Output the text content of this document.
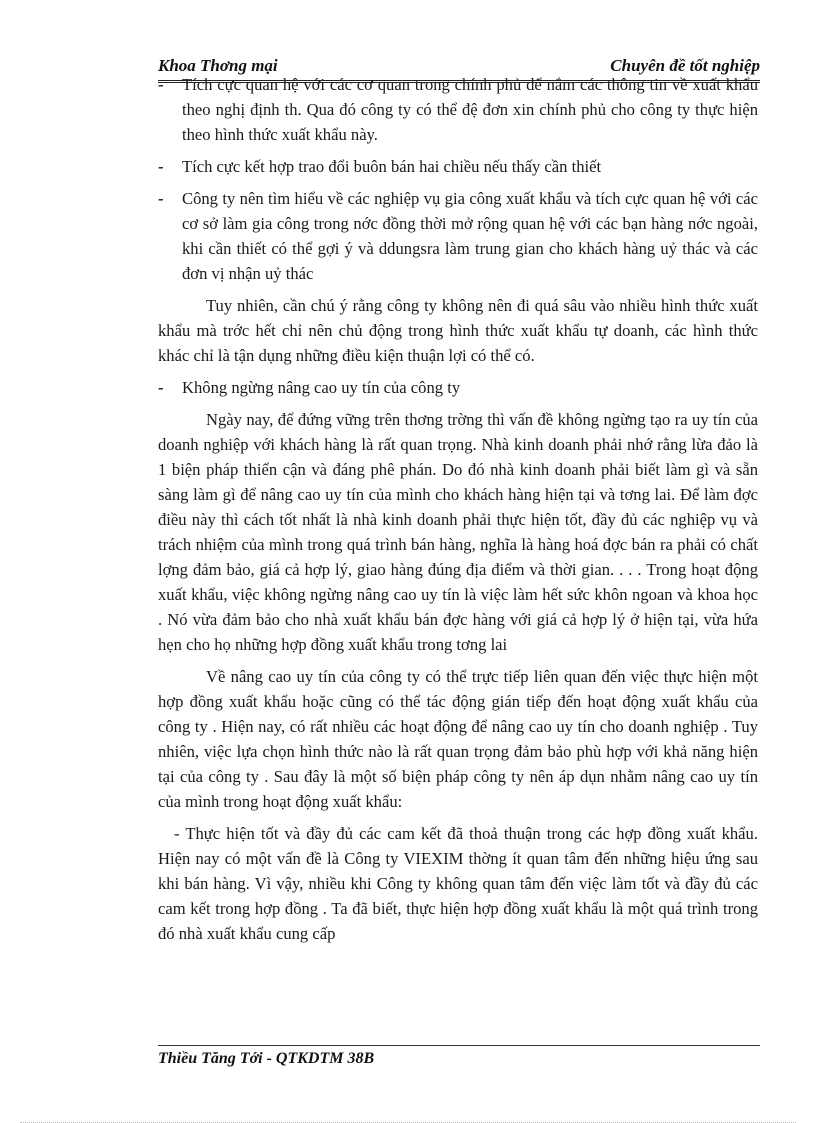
Khoa Thơng mại	Chuyên đề tốt nghiệp

-	Tích cực quan hệ với các cơ quan trong chính phủ để nắm các thông tin về xuất khẩu theo nghị định th. Qua đó công ty có thể đệ đơn xin chính phủ cho công ty thực hiện theo hình thức xuất khẩu này.

-	Tích cực kết hợp trao đổi buôn bán hai chiều nếu thấy cần thiết

-	Công ty nên tìm hiểu về các nghiệp vụ gia công xuất khẩu và tích cực quan hệ với các cơ sở làm gia công trong nớc đồng thời mở rộng quan hệ với các bạn hàng nớc ngoài, khi cần thiết có thể gợi ý và ddungsra làm trung gian cho khách hàng uỷ thác và các đơn vị nhận uỷ thác

Tuy nhiên, cần chú ý rằng công ty không nên đi quá sâu vào nhiều hình thức xuất khẩu mà trớc hết chỉ nên chủ động trong hình thức xuất khẩu tự doanh, các hình thức khác chỉ là tận dụng những điều kiện thuận lợi có thể có.

-	Không ngừng nâng cao uy tín của công ty

Ngày nay, để đứng vững trên thơng trờng thì vấn đề không ngừng tạo ra uy tín của doanh nghiệp với khách hàng là rất quan trọng. Nhà kinh doanh phải nhớ rằng lừa đảo là 1 biện pháp thiển cận và đáng phê phán. Do đó nhà kinh doanh phải biết làm gì và sẵn sàng làm gì để nâng cao uy tín của mình cho khách hàng hiện tại và tơng lai. Để làm đợc điều này thì cách tốt nhất là nhà kinh doanh phải thực hiện tốt, đầy đủ các nghiệp vụ và trách nhiệm của mình trong quá trình bán hàng, nghĩa là hàng hoá đợc bán ra phải có chất lợng đảm bảo, giá cả hợp lý, giao hàng đúng địa điểm và thời gian. . . . Trong hoạt động xuất khẩu, việc không ngừng nâng cao uy tín là việc làm hết sức khôn ngoan và khoa học . Nó vừa đảm bảo cho nhà xuất khẩu bán đợc hàng với giá cả hợp lý ở hiện tại, vừa hứa hẹn cho họ những hợp đồng xuất khẩu trong tơng lai

Về nâng cao uy tín của công ty có thể trực tiếp liên quan đến việc thực hiện một hợp đồng xuất khẩu hoặc cũng có thể tác động gián tiếp đến hoạt động xuất khẩu của công ty . Hiện nay, có rất nhiều các hoạt động để nâng cao uy tín cho doanh nghiệp . Tuy nhiên, việc lựa chọn hình thức nào là rất quan trọng đảm bảo phù hợp với khả năng hiện tại của công ty . Sau đây là một số biện pháp công ty nên áp dụn nhằm nâng cao uy tín của mình trong hoạt động xuất khẩu:

- Thực hiện tốt và đầy đủ các cam kết đã thoả thuận trong các hợp đồng xuất khẩu. Hiện nay có một vấn đề là Công ty VIEXIM thờng ít quan tâm đến những hiệu ứng sau khi bán hàng. Vì vậy, nhiều khi Công ty không quan tâm đến việc làm tốt và đầy đủ các cam kết trong hợp đồng . Ta đã biết, thực hiện hợp đồng xuất khẩu là một quá trình trong đó nhà xuất khẩu cung cấp

Thiều Tăng Tới - QTKDTM 38B
